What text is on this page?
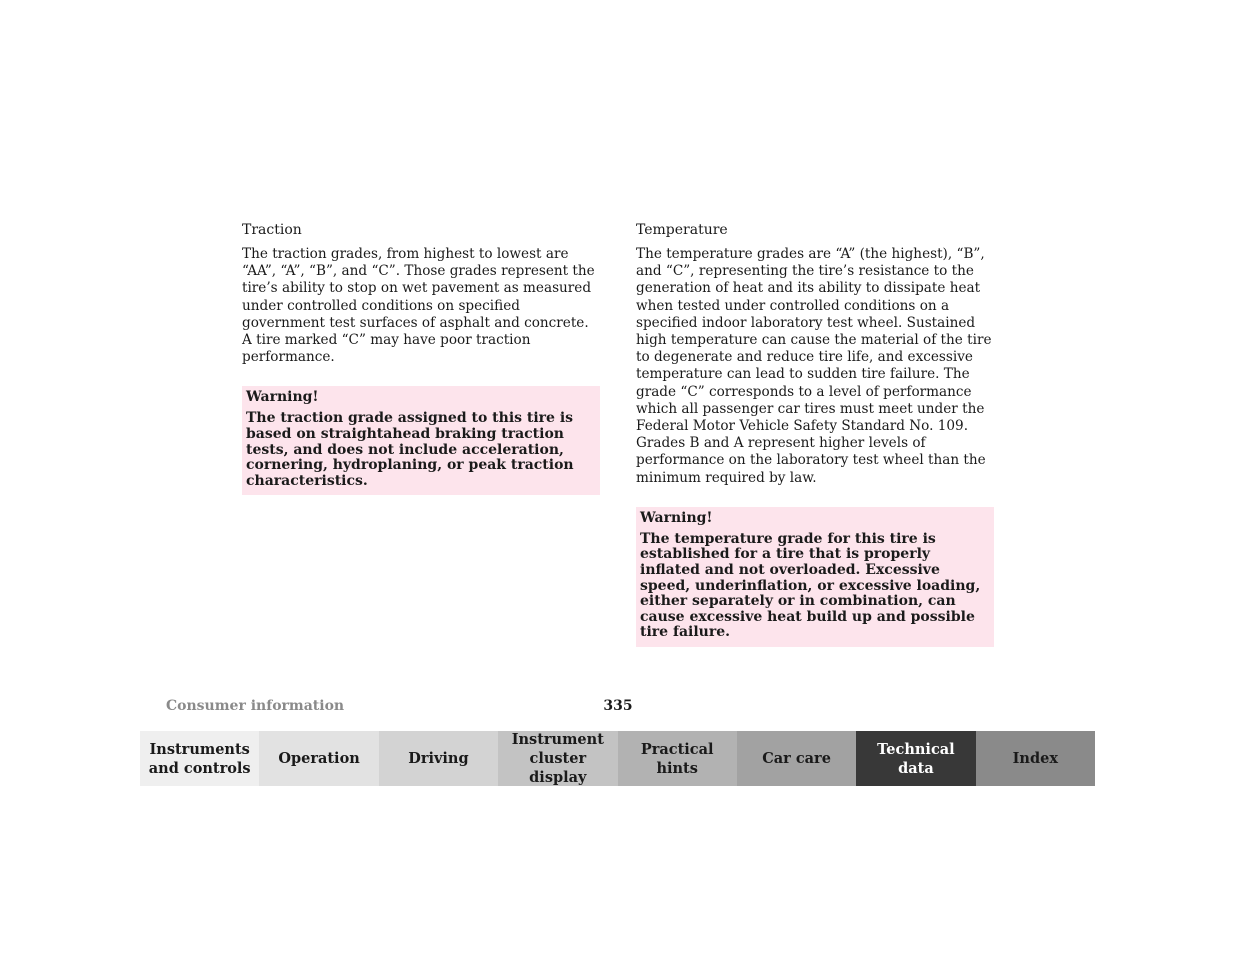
Traction

The traction grades, from highest to lowest are “AA”, “A”, “B”, and “C”. Those grades represent the tire’s ability to stop on wet pavement as measured under controlled conditions on specified government test surfaces of asphalt and concrete. A tire marked “C” may have poor traction performance.

Warning!

The traction grade assigned to this tire is based on straightahead braking traction tests, and does not include acceleration, cornering, hydroplaning, or peak traction characteristics.

Temperature

The temperature grades are “A” (the highest), “B”, and “C”, representing the tire’s resistance to the generation of heat and its ability to dissipate heat when tested under controlled conditions on a specified indoor laboratory test wheel. Sustained high temperature can cause the material of the tire to degenerate and reduce tire life, and excessive temperature can lead to sudden tire failure. The grade “C” corresponds to a level of performance which all passenger car tires must meet under the Federal Motor Vehicle Safety Standard No. 109. Grades B and A represent higher levels of performance on the laboratory test wheel than the minimum required by law.

Warning!

The temperature grade for this tire is established for a tire that is properly inflated and not overloaded. Excessive speed, underinflation, or excessive loading, either separately or in combination, can cause excessive heat build up and possible tire failure.

Consumer information	335
Instruments
and controls
Operation	Driving
Instrument
cluster display
Practical hints
Car care
Technical
data
Index
